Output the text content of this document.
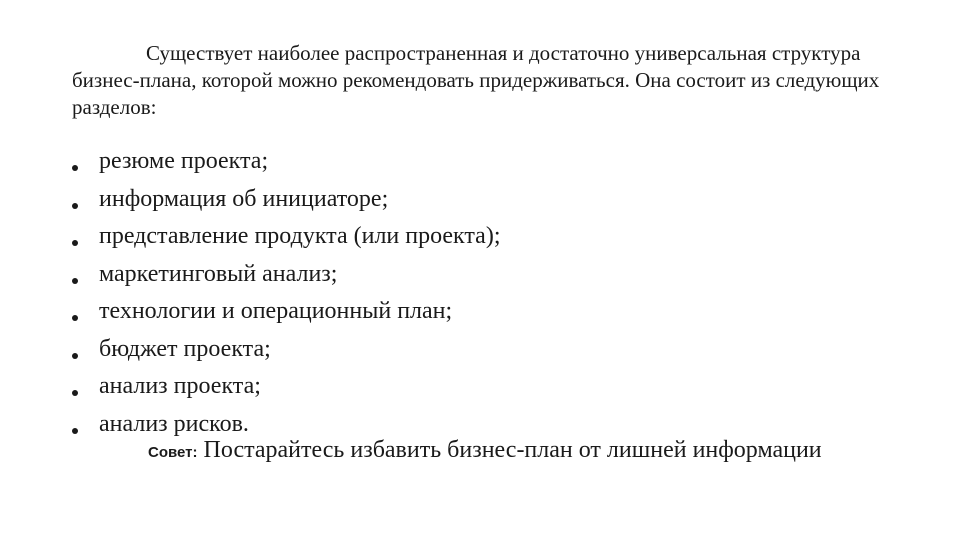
Существует наиболее распространенная и достаточно универсальная структура бизнес-плана, которой можно рекомендовать придерживаться. Она состоит из следующих разделов:

резюме проекта;
информация об инициаторе;
представление продукта (или проекта);
маркетинговый анализ;
технологии и операционный план;
бюджет проекта;
анализ проекта;
анализ рисков.
Совет: Постарайтесь избавить бизнес-план от лишней информации
